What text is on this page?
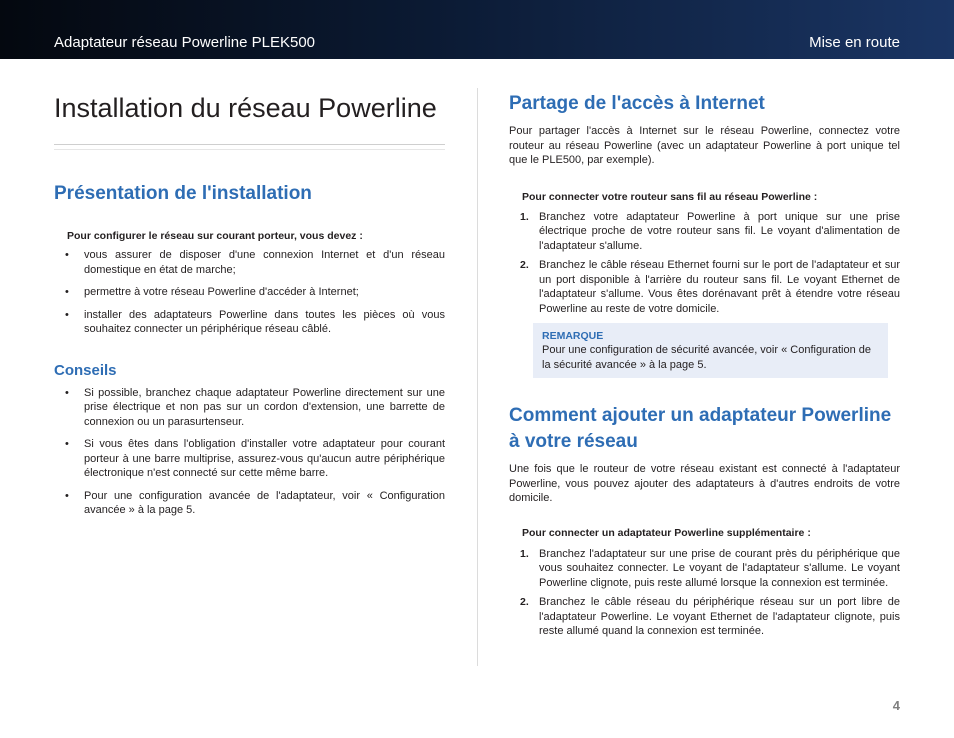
Adaptateur réseau Powerline PLEK500	Mise en route
Installation du réseau Powerline
Présentation de l'installation
Pour configurer le réseau sur courant porteur, vous devez :
• vous assurer de disposer d'une connexion Internet et d'un réseau domestique en état de marche;
• permettre à votre réseau Powerline d'accéder à Internet;
• installer des adaptateurs Powerline dans toutes les pièces où vous souhaitez connecter un périphérique réseau câblé.
Conseils
• Si possible, branchez chaque adaptateur Powerline directement sur une prise électrique et non pas sur un cordon d'extension, une barrette de connexion ou un parasurtenseur.
• Si vous êtes dans l'obligation d'installer votre adaptateur pour courant porteur à une barre multiprise, assurez-vous qu'aucun autre périphérique électronique n'est connecté sur cette même barre.
• Pour une configuration avancée de l'adaptateur, voir « Configuration avancée » à la page 5.
Partage de l'accès à Internet

Pour partager l'accès à Internet sur le réseau Powerline, connectez votre routeur au réseau Powerline (avec un adaptateur Powerline à port unique tel que le PLE500, par exemple).

Pour connecter votre routeur sans fil au réseau Powerline :
1. Branchez votre adaptateur Powerline à port unique sur une prise électrique proche de votre routeur sans fil. Le voyant d'alimentation de l'adaptateur s'allume.
2. Branchez le câble réseau Ethernet fourni sur le port de l'adaptateur et sur un port disponible à l'arrière du routeur sans fil. Le voyant Ethernet de l'adaptateur s'allume. Vous êtes dorénavant prêt à étendre votre réseau Powerline au reste de votre domicile.
REMARQUE
Pour une configuration de sécurité avancée, voir « Configuration de la sécurité avancée » à la page 5.
Comment ajouter un adaptateur Powerline à votre réseau

Une fois que le routeur de votre réseau existant est connecté à l'adaptateur Powerline, vous pouvez ajouter des adaptateurs à d'autres endroits de votre domicile.

Pour connecter un adaptateur Powerline supplémentaire :
1. Branchez l'adaptateur sur une prise de courant près du périphérique que vous souhaitez connecter. Le voyant de l'adaptateur s'allume. Le voyant Powerline clignote, puis reste allumé lorsque la connexion est terminée.
2. Branchez le câble réseau du périphérique réseau sur un port libre de l'adaptateur Powerline. Le voyant Ethernet de l'adaptateur clignote, puis reste allumé quand la connexion est terminée.
4
